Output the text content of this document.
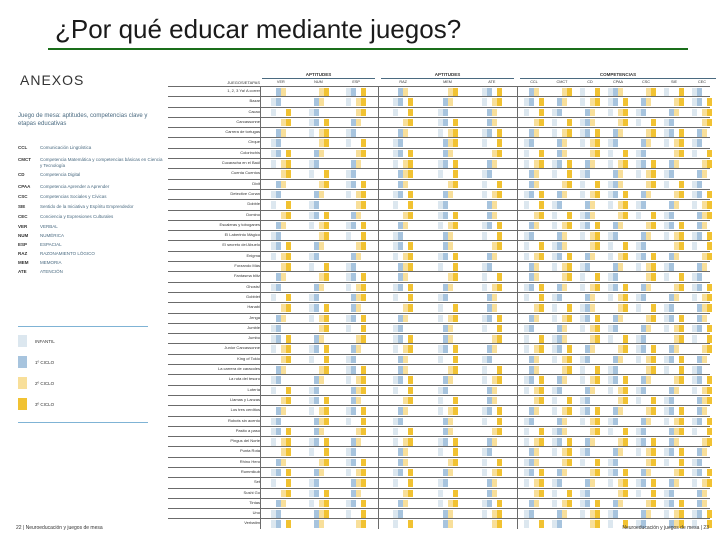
¿Por qué educar mediante juegos?
ANEXOS
Juego de mesa: aptitudes, competencias clave y etapas educativas
CCL	Comunicación Lingüística
CMCT	Competencia Matemática y competencias básicas en Ciencia y Tecnología
CD	Competencia Digital
CPAA	Competencia Aprender a Aprender
CSC	Competencias Sociales y Cívicas
SIE	Sentido de la Iniciativa y Espíritu Emprendedor
CEC	Conciencia y Expresiones Culturales
VER	VERBAL
NUM	NUMÉRICA
ESP	ESPACIAL
RAZ	RAZONAMIENTO LÓGICO
MEM	MEMORIA
ATE	ATENCIÓN
INFANTIL
1º CICLO
2º CICLO
3º CICLO
JUEGOS/ETAPAS
APTITUDES
VER	NUM	ESP
APTITUDES
RAZ	MEM	ATE
COMPETENCIAS
CCL	CMCT	CD	CPAA	CSC	SIE	CEC
1, 2, 3 Ya! A correr
Bazar
Cacao
Carcassonne
Carrera de tortugas
Cirque
Colorinchis
Cucaracha en el Baúl
Cuenta Cuentos
Dixit
Detective Conan
Dobble
Domino
Escaleras y toboganes
El Laberinto Mágico
El secreto del Abuelo
Enigma
Forzando Más
Fantasma blitz
Ghosts!
Gobblet
Hanabi
Jenga
Jumble
Jumbo
Junior Carcassonne
King of Tokio
La carrera de caracoles
La ruta del tesoro
Lotería
Llamas y Lanzas
Los tres cerditos
Robots sin acento
Pasito a paso
Pingus del Norte
Punta Rota
Rhino Hero
Rummikub
Set
Sushi Go
Tintas
Uno
Verbatim
22 | Neuroeducación y juegos de mesa	Neuroeducación y juegos de mesa | 23
